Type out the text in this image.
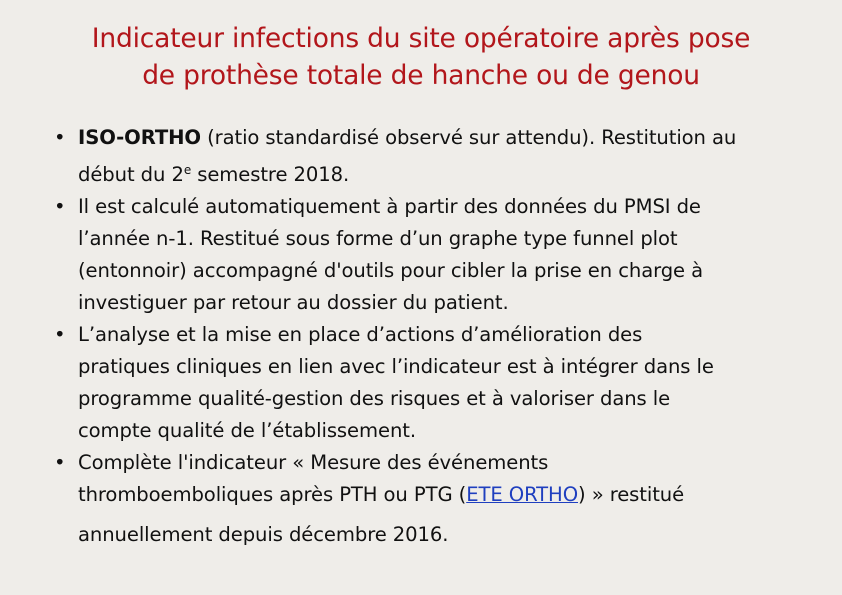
Indicateur infections du site opératoire après pose
de prothèse totale de hanche ou de genou
• ISO-ORTHO (ratio standardisé observé sur attendu). Restitution au
début du 2e semestre 2018.
• Il est calculé automatiquement à partir des données du PMSI de
l’année n-1. Restitué sous forme d’un graphe type funnel plot
(entonnoir) accompagné d'outils pour cibler la prise en charge à
investiguer par retour au dossier du patient.
• L’analyse et la mise en place d’actions d’amélioration des
pratiques cliniques en lien avec l’indicateur est à intégrer dans le
programme qualité-gestion des risques et à valoriser dans le
compte qualité de l’établissement.
• Complète l'indicateur « Mesure des événements
thromboemboliques après PTH ou PTG (ETE ORTHO) » restitué
annuellement depuis décembre 2016.
